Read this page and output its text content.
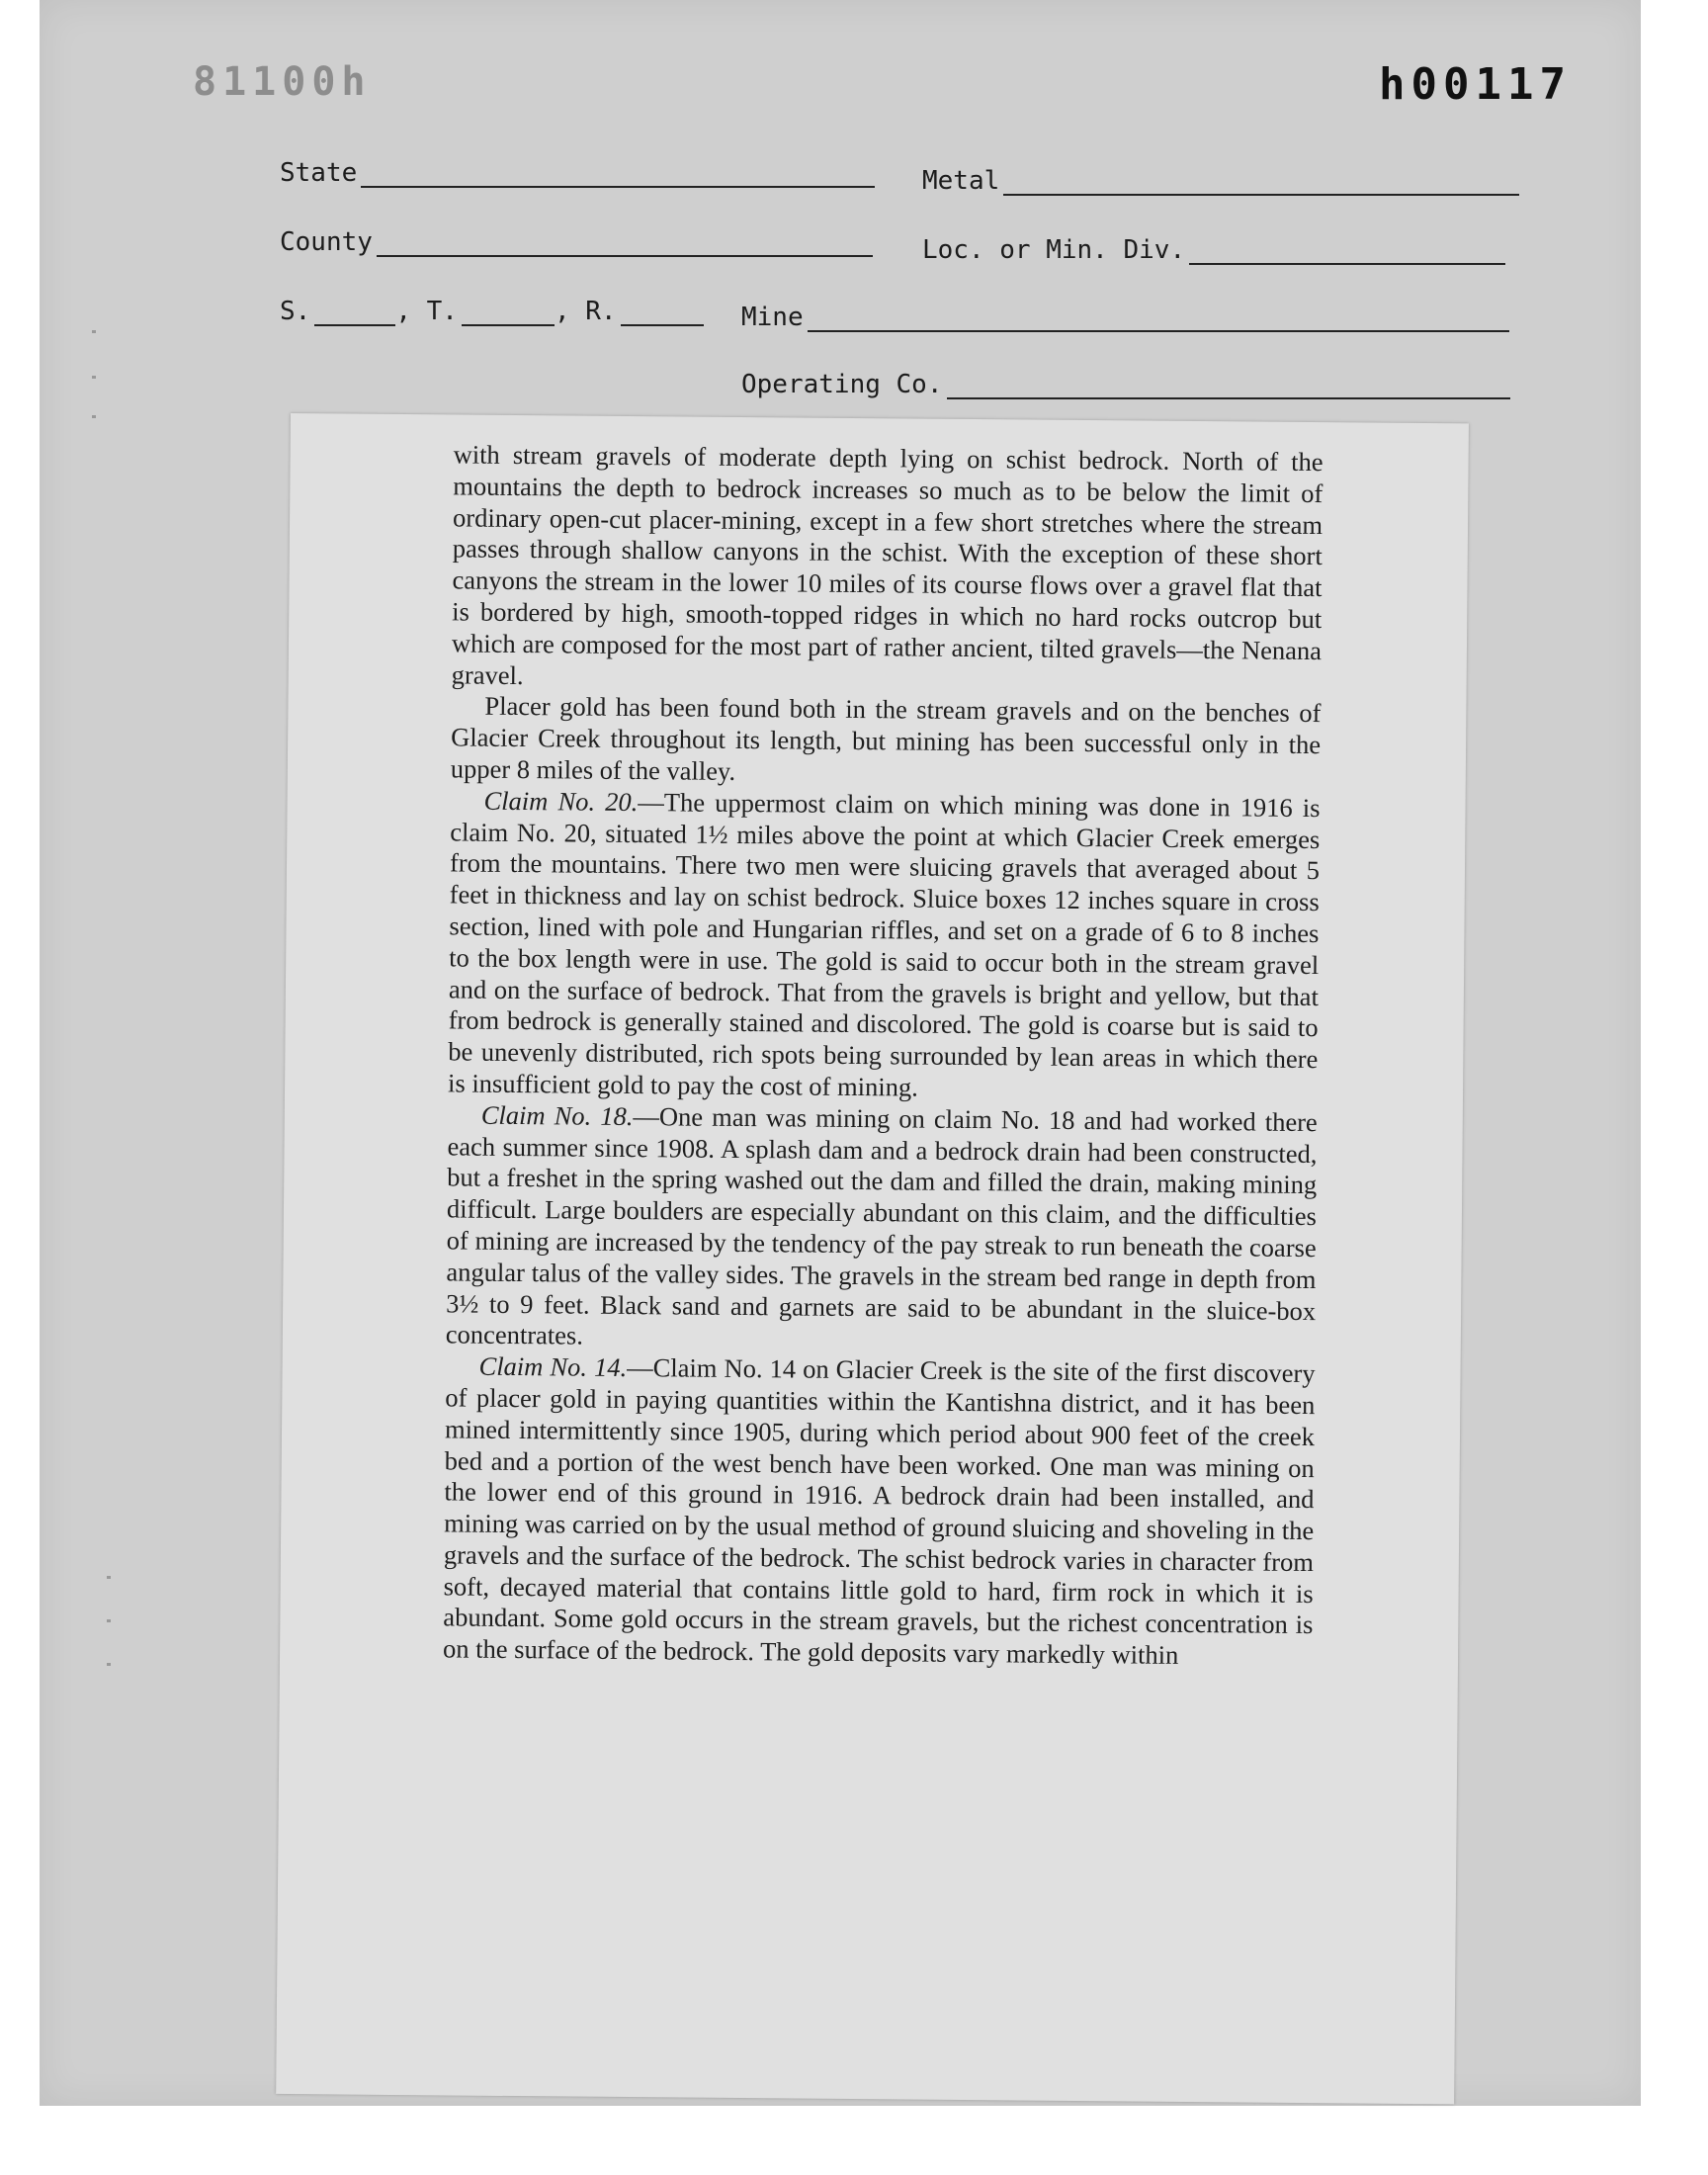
81100h	h00117
State	Metal
County	Loc. or Min. Div.
S.	, T.	, R.	Mine
Operating Co.

with stream gravels of moderate depth lying on schist bedrock. North of the mountains the depth to bedrock increases so much as to be below the limit of ordinary open-cut placer-mining, except in a few short stretches where the stream passes through shallow canyons in the schist. With the exception of these short canyons the stream in the lower 10 miles of its course flows over a gravel flat that is bordered by high, smooth-topped ridges in which no hard rocks outcrop but which are composed for the most part of rather ancient, tilted gravels—the Nenana gravel.

Placer gold has been found both in the stream gravels and on the benches of Glacier Creek throughout its length, but mining has been successful only in the upper 8 miles of the valley.

Claim No. 20.—The uppermost claim on which mining was done in 1916 is claim No. 20, situated 1½ miles above the point at which Glacier Creek emerges from the mountains. There two men were sluicing gravels that averaged about 5 feet in thickness and lay on schist bedrock. Sluice boxes 12 inches square in cross section, lined with pole and Hungarian riffles, and set on a grade of 6 to 8 inches to the box length were in use. The gold is said to occur both in the stream gravel and on the surface of bedrock. That from the gravels is bright and yellow, but that from bedrock is generally stained and discolored. The gold is coarse but is said to be unevenly distributed, rich spots being surrounded by lean areas in which there is insufficient gold to pay the cost of mining.

Claim No. 18.—One man was mining on claim No. 18 and had worked there each summer since 1908. A splash dam and a bedrock drain had been constructed, but a freshet in the spring washed out the dam and filled the drain, making mining difficult. Large boulders are especially abundant on this claim, and the difficulties of mining are increased by the tendency of the pay streak to run beneath the coarse angular talus of the valley sides. The gravels in the stream bed range in depth from 3½ to 9 feet. Black sand and garnets are said to be abundant in the sluice-box concentrates.

Claim No. 14.—Claim No. 14 on Glacier Creek is the site of the first discovery of placer gold in paying quantities within the Kantishna district, and it has been mined intermittently since 1905, during which period about 900 feet of the creek bed and a portion of the west bench have been worked. One man was mining on the lower end of this ground in 1916. A bedrock drain had been installed, and mining was carried on by the usual method of ground sluicing and shoveling in the gravels and the surface of the bedrock. The schist bedrock varies in character from soft, decayed material that contains little gold to hard, firm rock in which it is abundant. Some gold occurs in the stream gravels, but the richest concentration is on the surface of the bedrock. The gold deposits vary markedly within
